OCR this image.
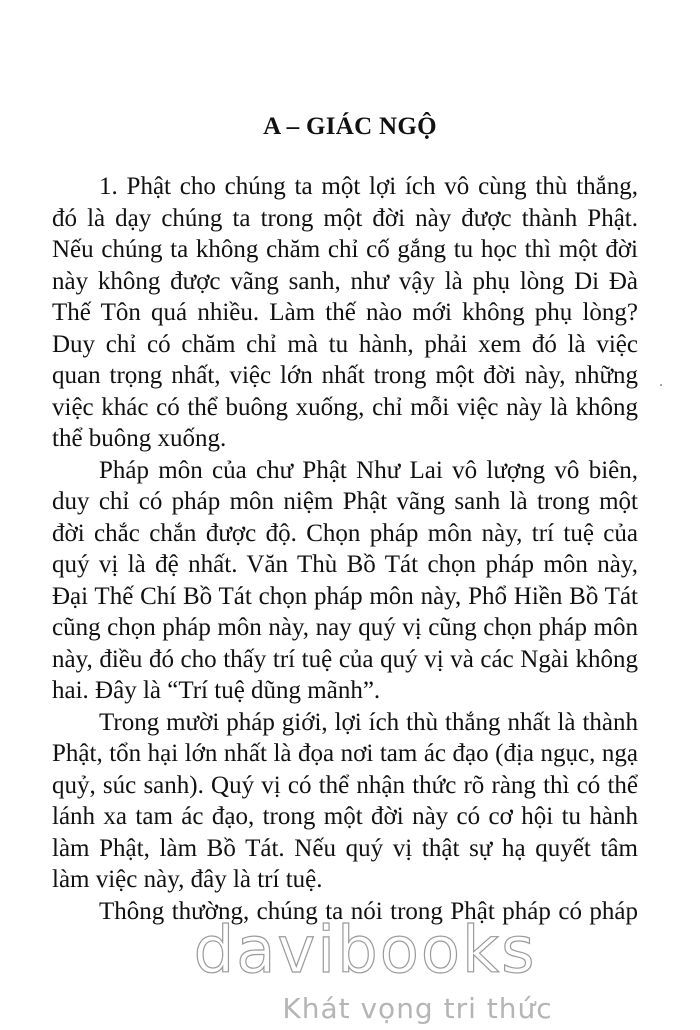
A – GIÁC NGỘ
1. Phật cho chúng ta một lợi ích vô cùng thù thắng,
đó là dạy chúng ta trong một đời này được thành Phật.
Nếu chúng ta không chăm chỉ cố gắng tu học thì một đời
này không được vãng sanh, như vậy là phụ lòng Di Đà
Thế Tôn quá nhiều. Làm thế nào mới không phụ lòng?
Duy chỉ có chăm chỉ mà tu hành, phải xem đó là việc
quan trọng nhất, việc lớn nhất trong một đời này, những
việc khác có thể buông xuống, chỉ mỗi việc này là không
thể buông xuống.
Pháp môn của chư Phật Như Lai vô lượng vô biên,
duy chỉ có pháp môn niệm Phật vãng sanh là trong một
đời chắc chắn được độ. Chọn pháp môn này, trí tuệ của
quý vị là đệ nhất. Văn Thù Bồ Tát chọn pháp môn này,
Đại Thế Chí Bồ Tát chọn pháp môn này, Phổ Hiền Bồ Tát
cũng chọn pháp môn này, nay quý vị cũng chọn pháp môn
này, điều đó cho thấy trí tuệ của quý vị và các Ngài không
hai. Đây là “Trí tuệ dũng mãnh”.
Trong mười pháp giới, lợi ích thù thắng nhất là thành
Phật, tổn hại lớn nhất là đọa nơi tam ác đạo (địa ngục, ngạ
quỷ, súc sanh). Quý vị có thể nhận thức rõ ràng thì có thể
lánh xa tam ác đạo, trong một đời này có cơ hội tu hành
làm Phật, làm Bồ Tát. Nếu quý vị thật sự hạ quyết tâm
làm việc này, đây là trí tuệ.
Thông thường, chúng ta nói trong Phật pháp có pháp
davibooks
Khát vọng tri thức
